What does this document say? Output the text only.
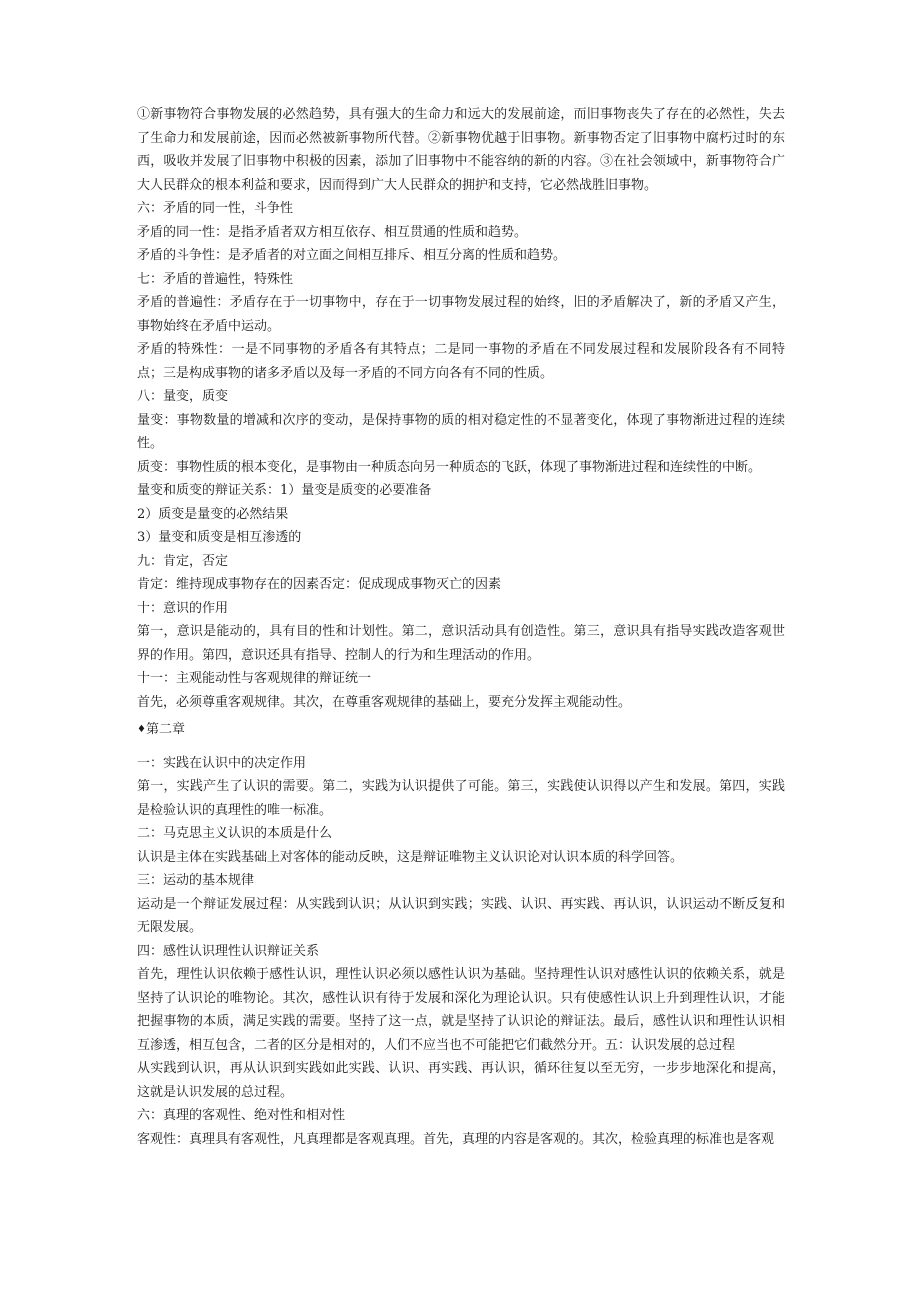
①新事物符合事物发展的必然趋势，具有强大的生命力和远大的发展前途，而旧事物丧失了存在的必然性，失去了生命力和发展前途，因而必然被新事物所代替。②新事物优越于旧事物。新事物否定了旧事物中腐朽过时的东西，吸收并发展了旧事物中积极的因素，添加了旧事物中不能容纳的新的内容。③在社会领域中，新事物符合广大人民群众的根本利益和要求，因而得到广大人民群众的拥护和支持，它必然战胜旧事物。

六：矛盾的同一性，斗争性

矛盾的同一性：是指矛盾者双方相互依存、相互贯通的性质和趋势。

矛盾的斗争性：是矛盾者的对立面之间相互排斥、相互分离的性质和趋势。

七：矛盾的普遍性，特殊性

矛盾的普遍性：矛盾存在于一切事物中，存在于一切事物发展过程的始终，旧的矛盾解决了，新的矛盾又产生，事物始终在矛盾中运动。

矛盾的特殊性：一是不同事物的矛盾各有其特点；二是同一事物的矛盾在不同发展过程和发展阶段各有不同特点；三是构成事物的诸多矛盾以及每一矛盾的不同方向各有不同的性质。

八：量变，质变

量变：事物数量的增减和次序的变动，是保持事物的质的相对稳定性的不显著变化，体现了事物渐进过程的连续性。

质变：事物性质的根本变化，是事物由一种质态向另一种质态的飞跃，体现了事物渐进过程和连续性的中断。

量变和质变的辩证关系：1）量变是质变的必要准备

2）质变是量变的必然结果

3）量变和质变是相互渗透的

九：肯定，否定

肯定：维持现成事物存在的因素否定：促成现成事物灭亡的因素

十：意识的作用

第一，意识是能动的，具有目的性和计划性。第二，意识活动具有创造性。第三，意识具有指导实践改造客观世界的作用。第四，意识还具有指导、控制人的行为和生理活动的作用。

十一：主观能动性与客观规律的辩证统一

首先，必须尊重客观规律。其次，在尊重客观规律的基础上，要充分发挥主观能动性。

♦第二章

一：实践在认识中的决定作用

第一，实践产生了认识的需要。第二，实践为认识提供了可能。第三，实践使认识得以产生和发展。第四，实践是检验认识的真理性的唯一标准。

二：马克思主义认识的本质是什么

认识是主体在实践基础上对客体的能动反映，这是辩证唯物主义认识论对认识本质的科学回答。

三：运动的基本规律

运动是一个辩证发展过程：从实践到认识；从认识到实践；实践、认识、再实践、再认识，认识运动不断反复和无限发展。

四：感性认识理性认识辩证关系

首先，理性认识依赖于感性认识，理性认识必须以感性认识为基础。坚持理性认识对感性认识的依赖关系，就是坚持了认识论的唯物论。其次，感性认识有待于发展和深化为理论认识。只有使感性认识上升到理性认识，才能把握事物的本质，满足实践的需要。坚持了这一点，就是坚持了认识论的辩证法。最后，感性认识和理性认识相互渗透，相互包含，二者的区分是相对的，人们不应当也不可能把它们截然分开。五：认识发展的总过程

从实践到认识，再从认识到实践如此实践、认识、再实践、再认识，循环往复以至无穷，一步步地深化和提高，这就是认识发展的总过程。

六：真理的客观性、绝对性和相对性

客观性：真理具有客观性，凡真理都是客观真理。首先，真理的内容是客观的。其次，检验真理的标准也是客观
